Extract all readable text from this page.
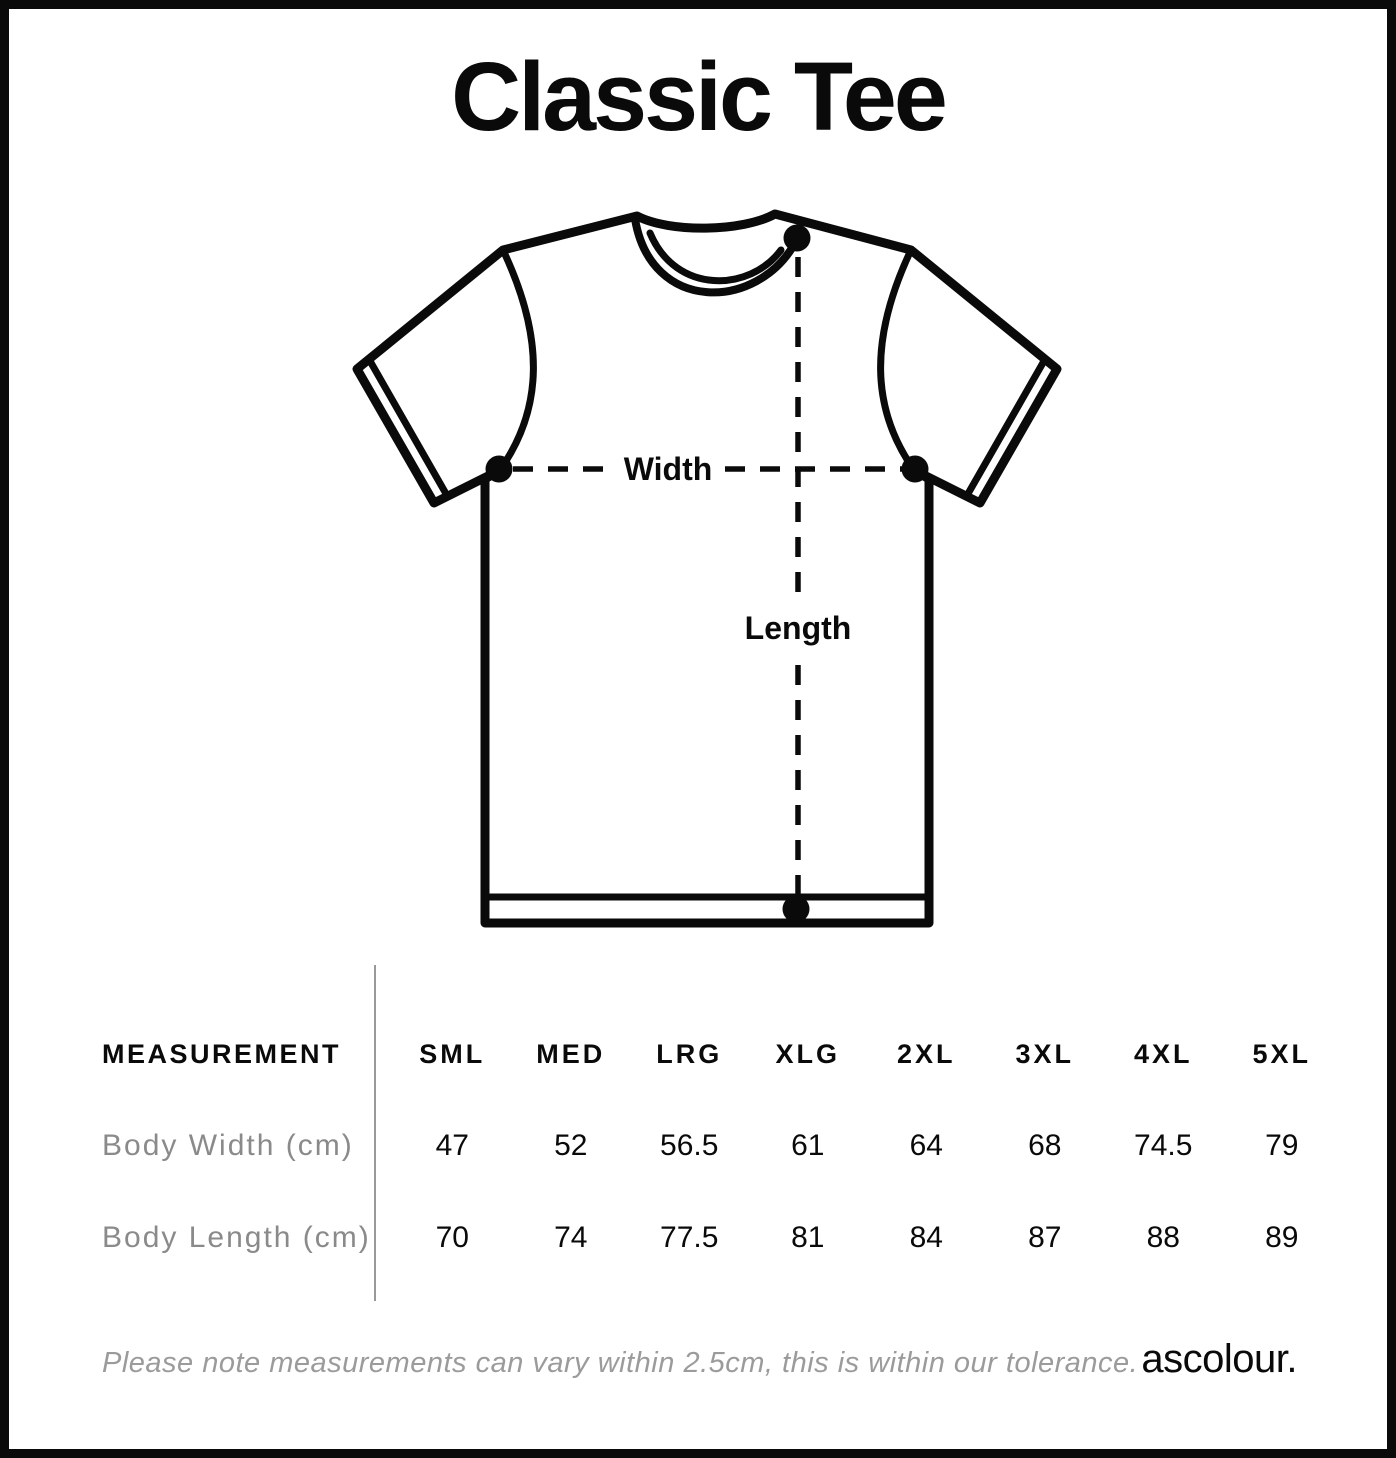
Classic Tee
Width
Length
MEASUREMENT	SML	MED	LRG	XLG	2XL	3XL	4XL	5XL
Body Width (cm)	47	52	56.5	61	64	68	74.5	79
Body Length (cm)	70	74	77.5	81	84	87	88	89
Please note measurements can vary within 2.5cm, this is within our tolerance. ascolour.
